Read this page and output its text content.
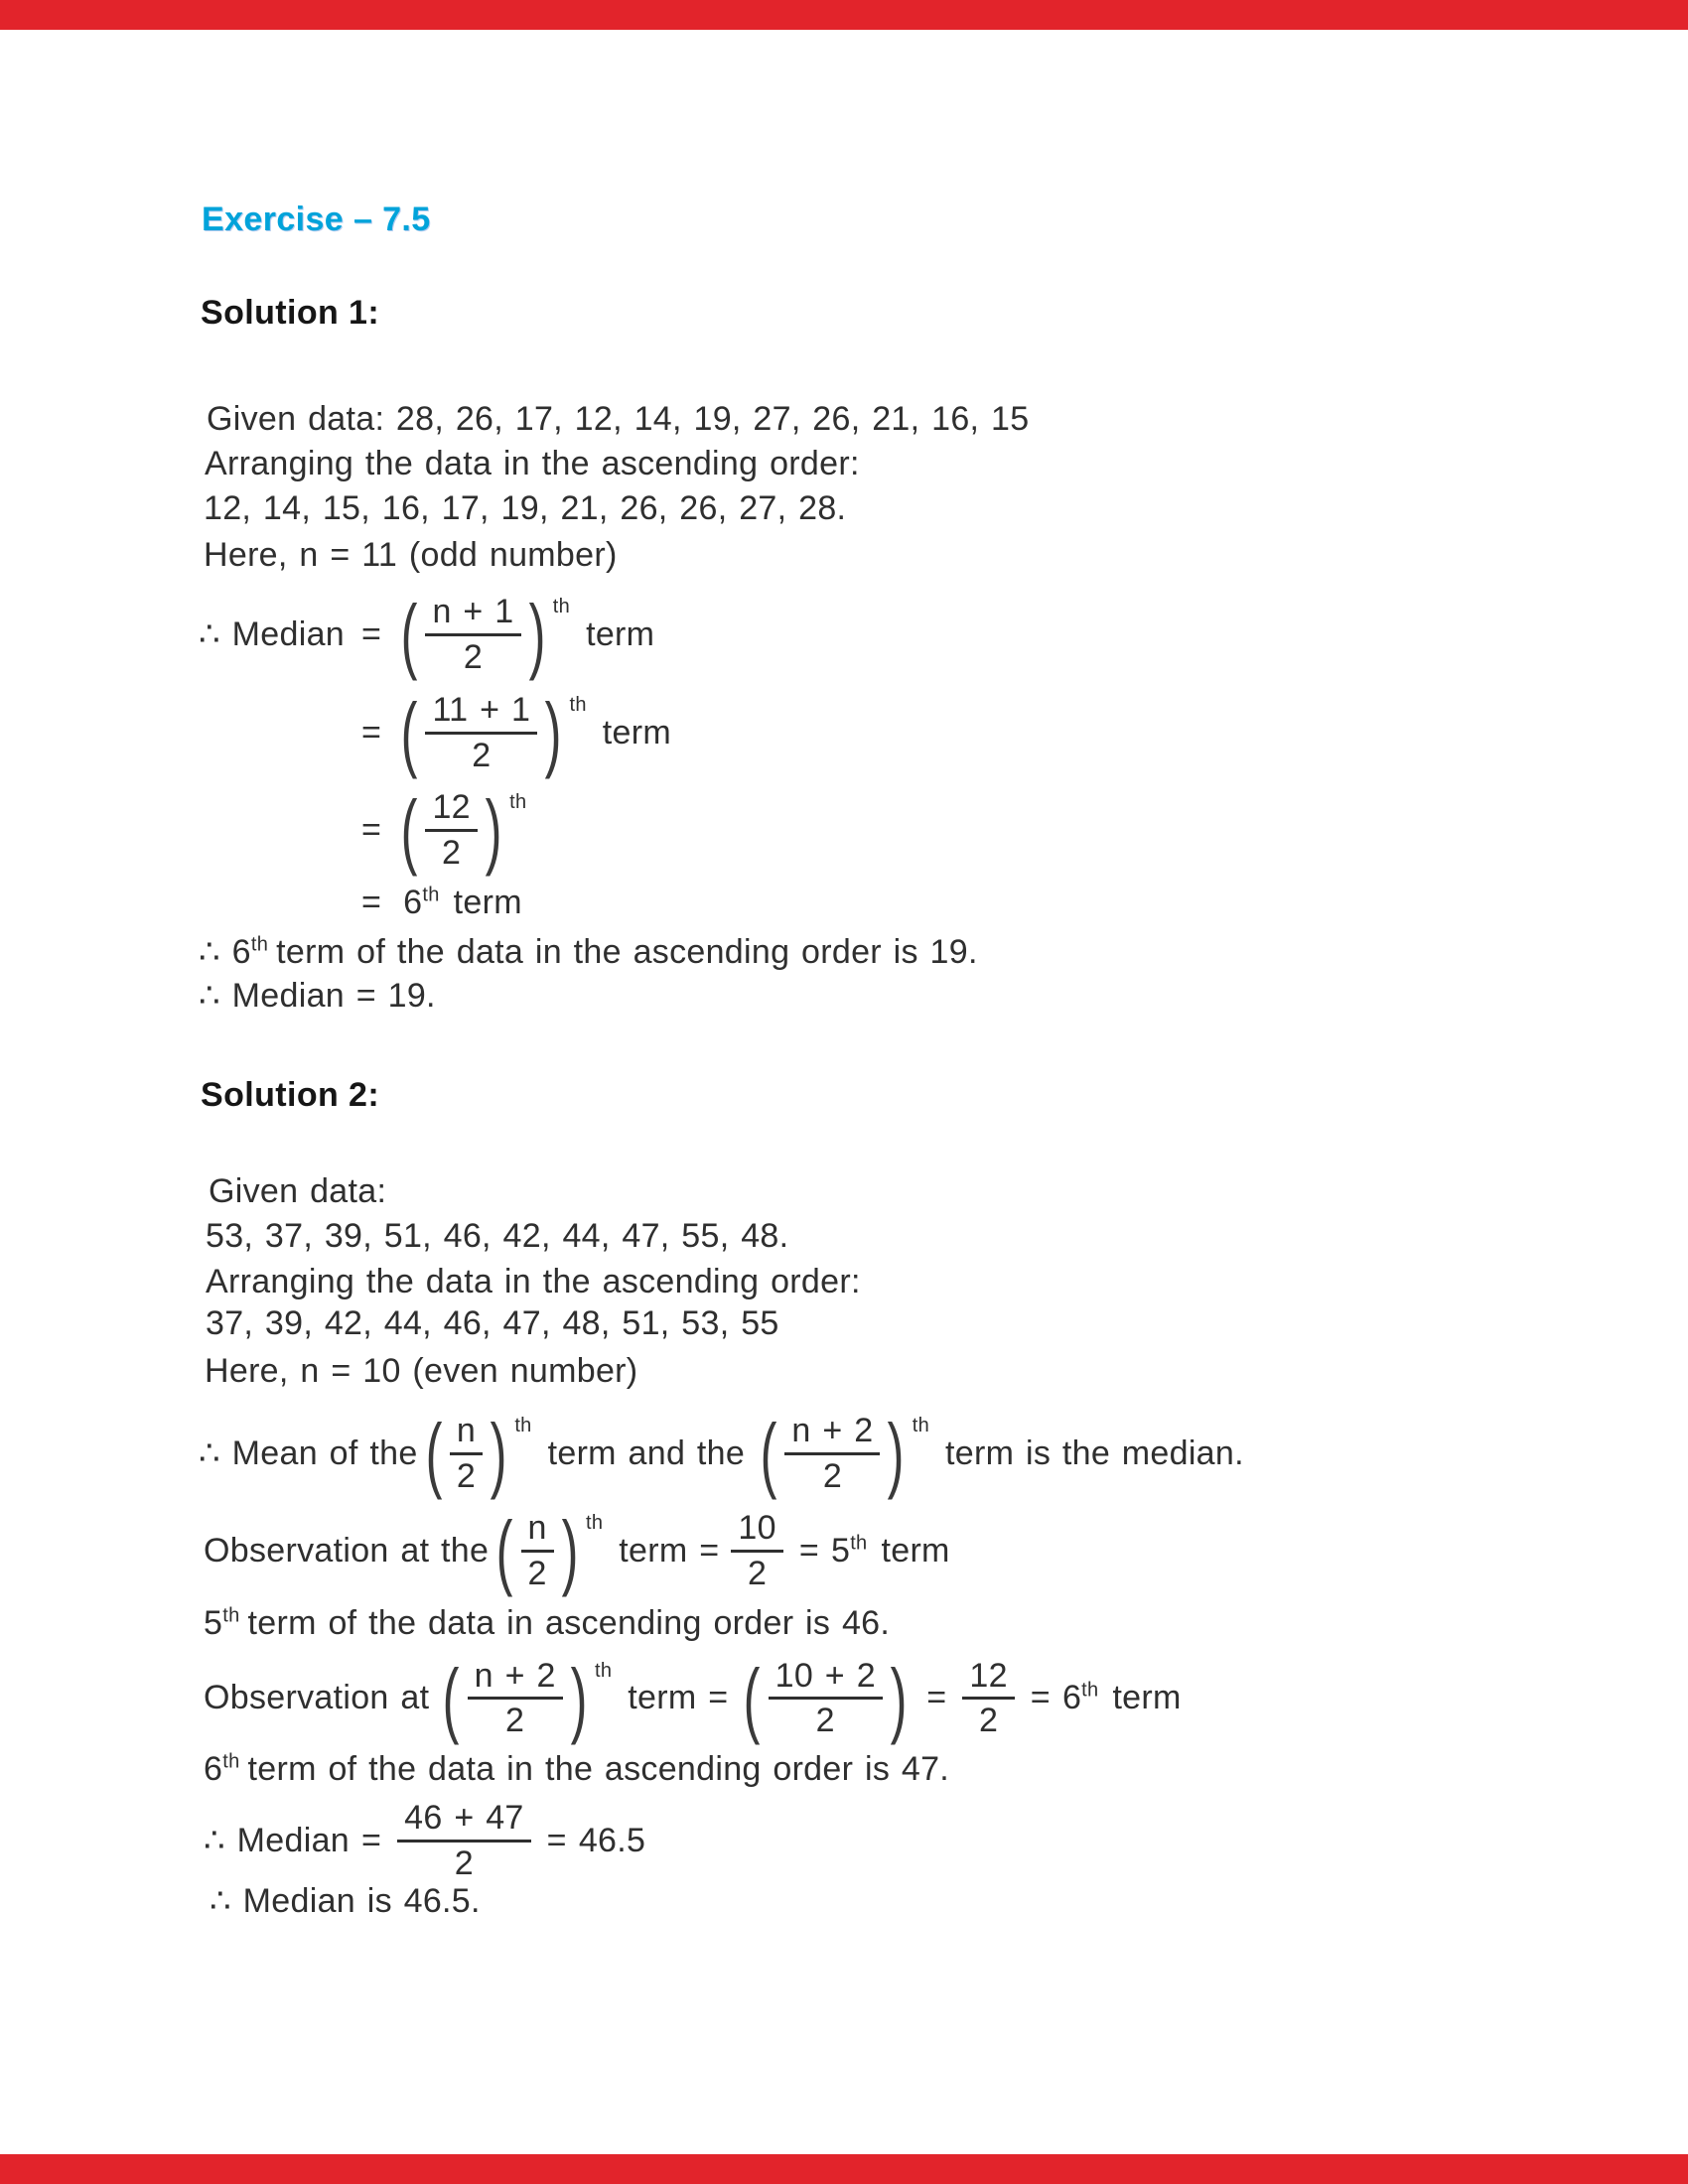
Exercise – 7.5
Solution 1:
Given data: 28, 26, 17, 12, 14, 19, 27, 26, 21, 16, 15
Arranging the data in the ascending order:
12, 14, 15, 16, 17, 19, 21, 26, 26, 27, 28.
Here, n = 11 (odd number)
∴ Median = ( $\frac{n + 1}{2}$ ) $^{th}$
term
= ( $\frac{11 + 1}{2}$ ) $^{th}$
term
= ( $\frac{12}{2}$ ) $^{th}$
= 6th term
∴ 6th term of the data in the ascending order is 19.
∴ Median = 19.
Solution 2:
Given data:
53, 37, 39, 51, 46, 42, 44, 47, 55, 48.
Arranging the data in the ascending order:
37, 39, 42, 44, 46, 47, 48, 51, 53, 55
Here, n = 10 (even number)
∴ Mean of the ( $\frac{n}{2}$ ) $^{th}$
term and the ( $\frac{n + 2}{2}$ ) $^{th}$
term is the median.
Observation at the ( $\frac{n}{2}$ ) $^{th}$
term = $\frac{10}{2} = 5th$ term
5th term of the data in ascending order is 46.
Observation at ( $\frac{n + 2}{2}$ ) $^{th}$
term = ( $\frac{10 + 2}{2}$ ) = $\frac{12}{2} = 6th$ term
6th term of the data in the ascending order is 47.
∴ Median = $\frac{46 + 47}{2} = 46.5$
∴ Median is 46.5.
